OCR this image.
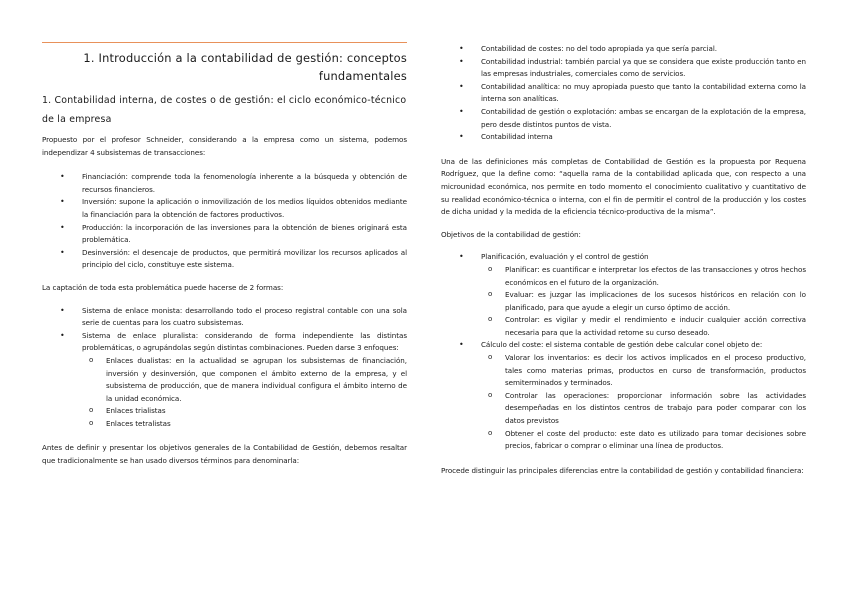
1. Introducción a la contabilidad de gestión: conceptos fundamentales
1. Contabilidad interna, de costes o de gestión: el ciclo económico-técnico de la empresa

Propuesto por el profesor Schneider, considerando a la empresa como un sistema, podemos independizar 4 subsistemas de transacciones:

• Financiación: comprende toda la fenomenología inherente a la búsqueda y obtención de recursos financieros.
• Inversión: supone la aplicación o inmovilización de los medios líquidos obtenidos mediante la financiación para la obtención de factores productivos.
• Producción: la incorporación de las inversiones para la obtención de bienes originará esta problemática.
• Desinversión: el desencaje de productos, que permitirá movilizar los recursos aplicados al principio del ciclo, constituye este sistema.

La captación de toda esta problemática puede hacerse de 2 formas:

• Sistema de enlace monista: desarrollando todo el proceso registral contable con una sola serie de cuentas para los cuatro subsistemas.
• Sistema de enlace pluralista: considerando de forma independiente las distintas problemáticas, o agrupándolas según distintas combinaciones. Pueden darse 3 enfoques:
o Enlaces dualistas: en la actualidad se agrupan los subsistemas de financiación, inversión y desinversión, que componen el ámbito externo de la empresa, y el subsistema de producción, que de manera individual configura el ámbito interno de la unidad económica.
o Enlaces trialistas
o Enlaces tetralistas

Antes de definir y presentar los objetivos generales de la Contabilidad de Gestión, debemos resaltar que tradicionalmente se han usado diversos términos para denominarla:

• Contabilidad de costes: no del todo apropiada ya que sería parcial.
• Contabilidad industrial: también parcial ya que se considera que existe producción tanto en las empresas industriales, comerciales como de servicios.
• Contabilidad analítica: no muy apropiada puesto que tanto la contabilidad externa como la interna son analíticas.
• Contabilidad de gestión o explotación: ambas se encargan de la explotación de la empresa, pero desde distintos puntos de vista.
• Contabilidad interna

Una de las definiciones más completas de Contabilidad de Gestión es la propuesta por Requena Rodríguez, que la define como: “aquella rama de la contabilidad aplicada que, con respecto a una microunidad económica, nos permite en todo momento el conocimiento cualitativo y cuantitativo de su realidad económico-técnica o interna, con el fin de permitir el control de la producción y los costes de dicha unidad y la medida de la eficiencia técnico-productiva de la misma”.

Objetivos de la contabilidad de gestión:

• Planificación, evaluación y el control de gestión
o Planificar: es cuantificar e interpretar los efectos de las transacciones y otros hechos económicos en el futuro de la organización.
o Evaluar: es juzgar las implicaciones de los sucesos históricos en relación con lo planificado, para que ayude a elegir un curso óptimo de acción.
o Controlar: es vigilar y medir el rendimiento e inducir cualquier acción correctiva necesaria para que la actividad retome su curso deseado.
• Cálculo del coste: el sistema contable de gestión debe calcular conel objeto de:
o Valorar los inventarios: es decir los activos implicados en el proceso productivo, tales como materias primas, productos en curso de transformación, productos semiterminados y terminados.
o Controlar las operaciones: proporcionar información sobre las actividades desempeñadas en los distintos centros de trabajo para poder comparar con los datos previstos
o Obtener el coste del producto: este dato es utilizado para tomar decisiones sobre precios, fabricar o comprar o eliminar una línea de productos.

Procede distinguir las principales diferencias entre la contabilidad de gestión y contabilidad financiera:
